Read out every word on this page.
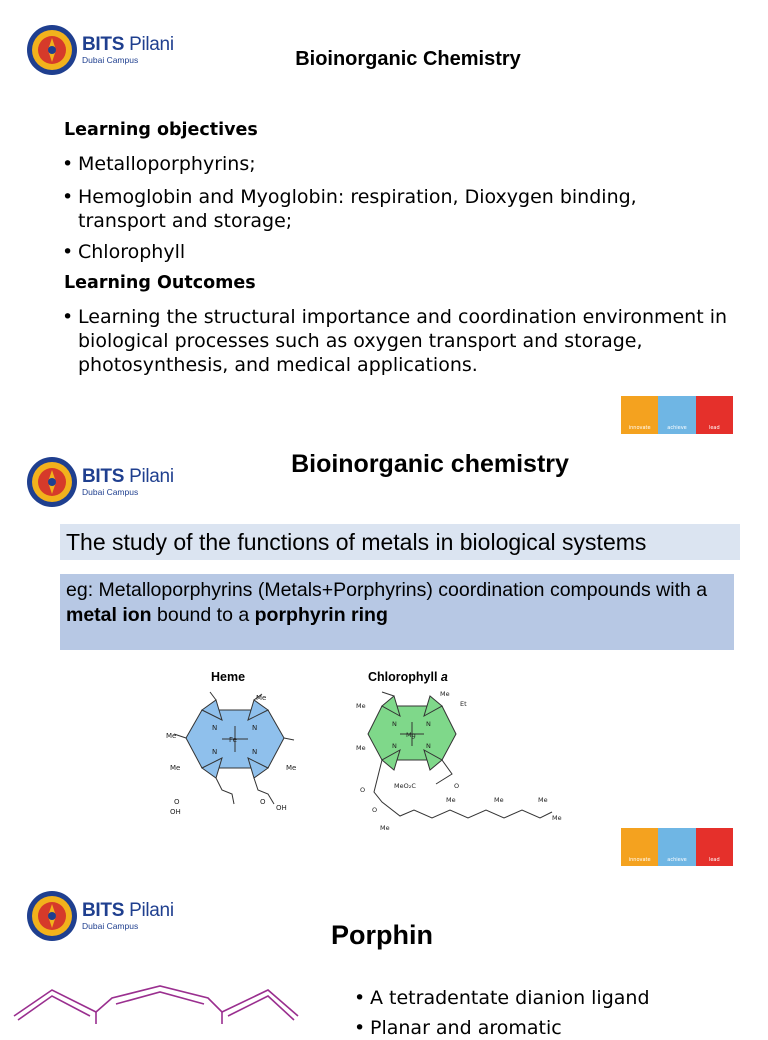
BITS Pilani
Dubai Campus	Bioinorganic Chemistry
Learning objectives
• Metalloporphyrins;
• Hemoglobin and Myoglobin: respiration, Dioxygen binding, transport and storage;
• Chlorophyll
Learning Outcomes
• Learning the structural importance and coordination environment in biological processes such as oxygen transport and storage, photosynthesis, and medical applications.
innovate	achieve	lead
BITS Pilani
Dubai Campus
Bioinorganic chemistry
The study of the functions of metals in biological systems
eg: Metalloporphyrins (Metals+Porphyrins) coordination compounds with a metal ion bound to a porphyrin ring
Heme
Me
Me
Me	Me
N	N
N	N
Fe
O
OH
O
OH
Chlorophyll a
Me	Et
Me
Me
N	N
N	N
Mg
O
MeO₂C
O
O
Me
Me	Me	Me
Me
innovate	achieve	lead
BITS Pilani
Dubai Campus	Porphin
• A tetradentate dianion ligand
• Planar and aromatic
